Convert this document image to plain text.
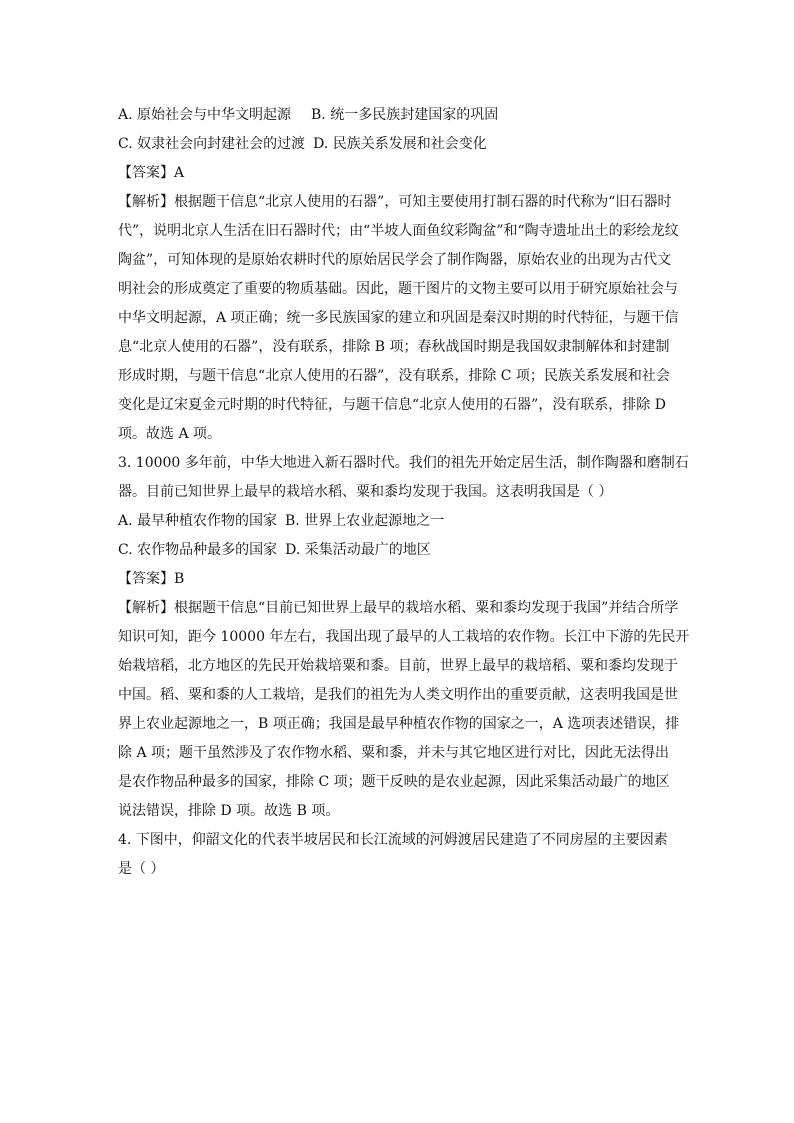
A. 原始社会与中华文明起源 B. 统一多民族封建国家的巩固
C. 奴隶社会向封建社会的过渡 D. 民族关系发展和社会变化
【答案】A
【解析】根据题干信息“北京人使用的石器”，可知主要使用打制石器的时代称为“旧石器时
代”，说明北京人生活在旧石器时代；由“半坡人面鱼纹彩陶盆”和“陶寺遗址出土的彩绘龙纹
陶盆”，可知体现的是原始农耕时代的原始居民学会了制作陶器，原始农业的出现为古代文
明社会的形成奠定了重要的物质基础。因此，题干图片的文物主要可以用于研究原始社会与
中华文明起源，A 项正确；统一多民族国家的建立和巩固是秦汉时期的时代特征，与题干信
息“北京人使用的石器”，没有联系，排除 B 项；春秋战国时期是我国奴隶制解体和封建制
形成时期，与题干信息“北京人使用的石器”，没有联系，排除 C 项；民族关系发展和社会
变化是辽宋夏金元时期的时代特征，与题干信息“北京人使用的石器”，没有联系，排除 D
项。故选 A 项。
3. 10000 多年前，中华大地进入新石器时代。我们的祖先开始定居生活，制作陶器和磨制石
器。目前已知世界上最早的栽培水稻、粟和黍均发现于我国。这表明我国是（ ）
A. 最早种植农作物的国家 B. 世界上农业起源地之一
C. 农作物品种最多的国家 D. 采集活动最广的地区
【答案】B
【解析】根据题干信息“目前已知世界上最早的栽培水稻、粟和黍均发现于我国”并结合所学
知识可知，距今 10000 年左右，我国出现了最早的人工栽培的农作物。长江中下游的先民开
始栽培稻，北方地区的先民开始栽培粟和黍。目前，世界上最早的栽培稻、粟和黍均发现于
中国。稻、粟和黍的人工栽培，是我们的祖先为人类文明作出的重要贡献，这表明我国是世
界上农业起源地之一，B 项正确；我国是最早种植农作物的国家之一，A 选项表述错误，排
除 A 项；题干虽然涉及了农作物水稻、粟和黍，并未与其它地区进行对比，因此无法得出
是农作物品种最多的国家，排除 C 项；题干反映的是农业起源，因此采集活动最广的地区
说法错误，排除 D 项。故选 B 项。
4. 下图中，仰韶文化的代表半坡居民和长江流域的河姆渡居民建造了不同房屋的主要因素
是（ ）
